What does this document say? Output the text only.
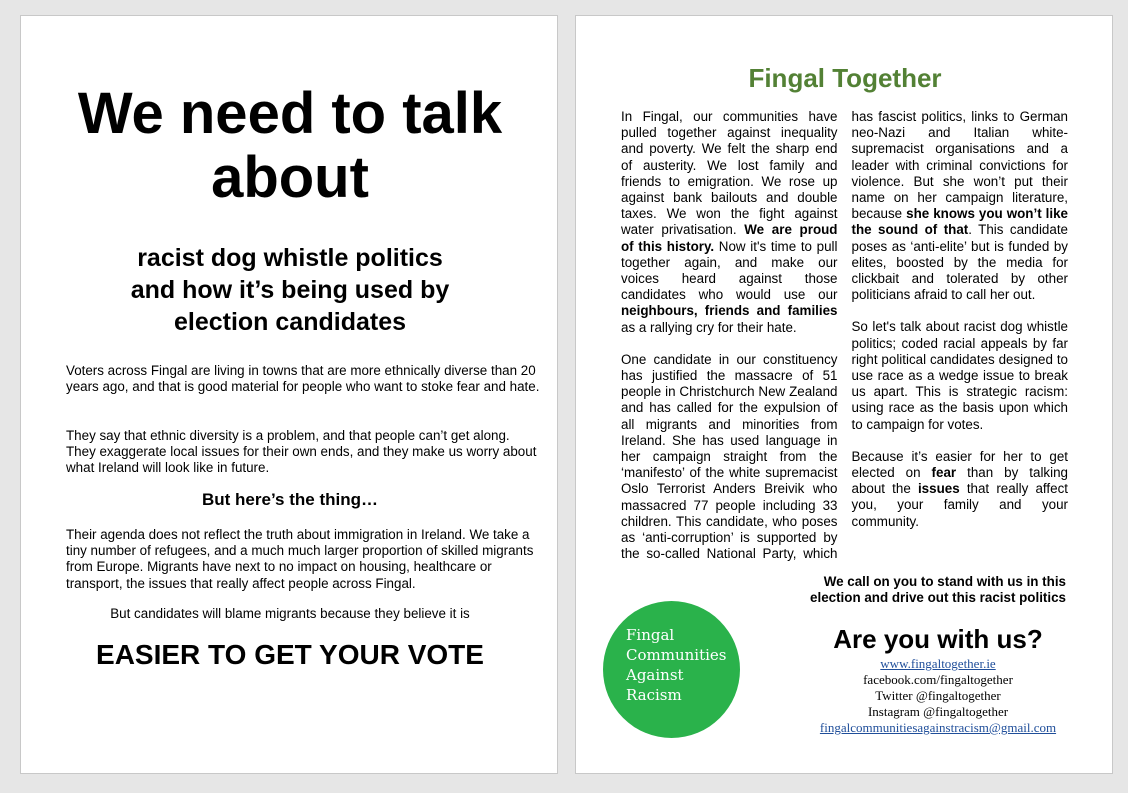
We need to talk about
racist dog whistle politics
and how it’s being used by
election candidates

Voters across Fingal are living in towns that are more ethnically diverse than 20 years ago, and that is good material for people who want to stoke fear and hate.

They say that ethnic diversity is a problem, and that people can’t get along. They exaggerate local issues for their own ends, and they make us worry about what Ireland will look like in future.

But here’s the thing…

Their agenda does not reflect the truth about immigration in Ireland. We take a tiny number of refugees, and a much much larger proportion of skilled migrants from Europe. Migrants have next to no impact on housing, healthcare or transport, the issues that really affect people across Fingal.

But candidates will blame migrants because they believe it is

EASIER TO GET YOUR VOTE
Fingal Together

In Fingal, our communities have pulled together against inequality and poverty. We felt the sharp end of austerity. We lost family and friends to emigration. We rose up against bank bailouts and double taxes. We won the fight against water privatisation. We are proud of this history. Now it's time to pull together again, and make our voices heard against those candidates who would use our neighbours, friends and families as a rallying cry for their hate.

One candidate in our constituency has justified the massacre of 51 people in Christchurch New Zealand and has called for the expulsion of all migrants and minorities from Ireland. She has used language in her campaign straight from the ‘manifesto’ of the white supremacist Oslo Terrorist Anders Breivik who massacred 77 people including 33 children. This candidate, who poses as ‘anti-corruption’ is supported by the so-called National Party, which has fascist politics, links to German neo-Nazi and Italian white-supremacist organisations and a leader with criminal convictions for violence. But she won’t put their name on her campaign literature, because she knows you won’t like the sound of that. This candidate poses as ‘anti-elite’ but is funded by elites, boosted by the media for clickbait and tolerated by other politicians afraid to call her out.

So let's talk about racist dog whistle politics; coded racial appeals by far right political candidates designed to use race as a wedge issue to break us apart. This is strategic racism: using race as the basis upon which to campaign for votes.

Because it’s easier for her to get elected on fear than by talking about the issues that really affect you, your family and your community.

We call on you to stand with us in this
election and drive out this racist politics

Fingal
Communities
Against
Racism
Are you with us?
www.fingaltogether.ie
facebook.com/fingaltogether
Twitter @fingaltogether
Instagram @fingaltogether
fingalcommunitiesagainstracism@gmail.com
